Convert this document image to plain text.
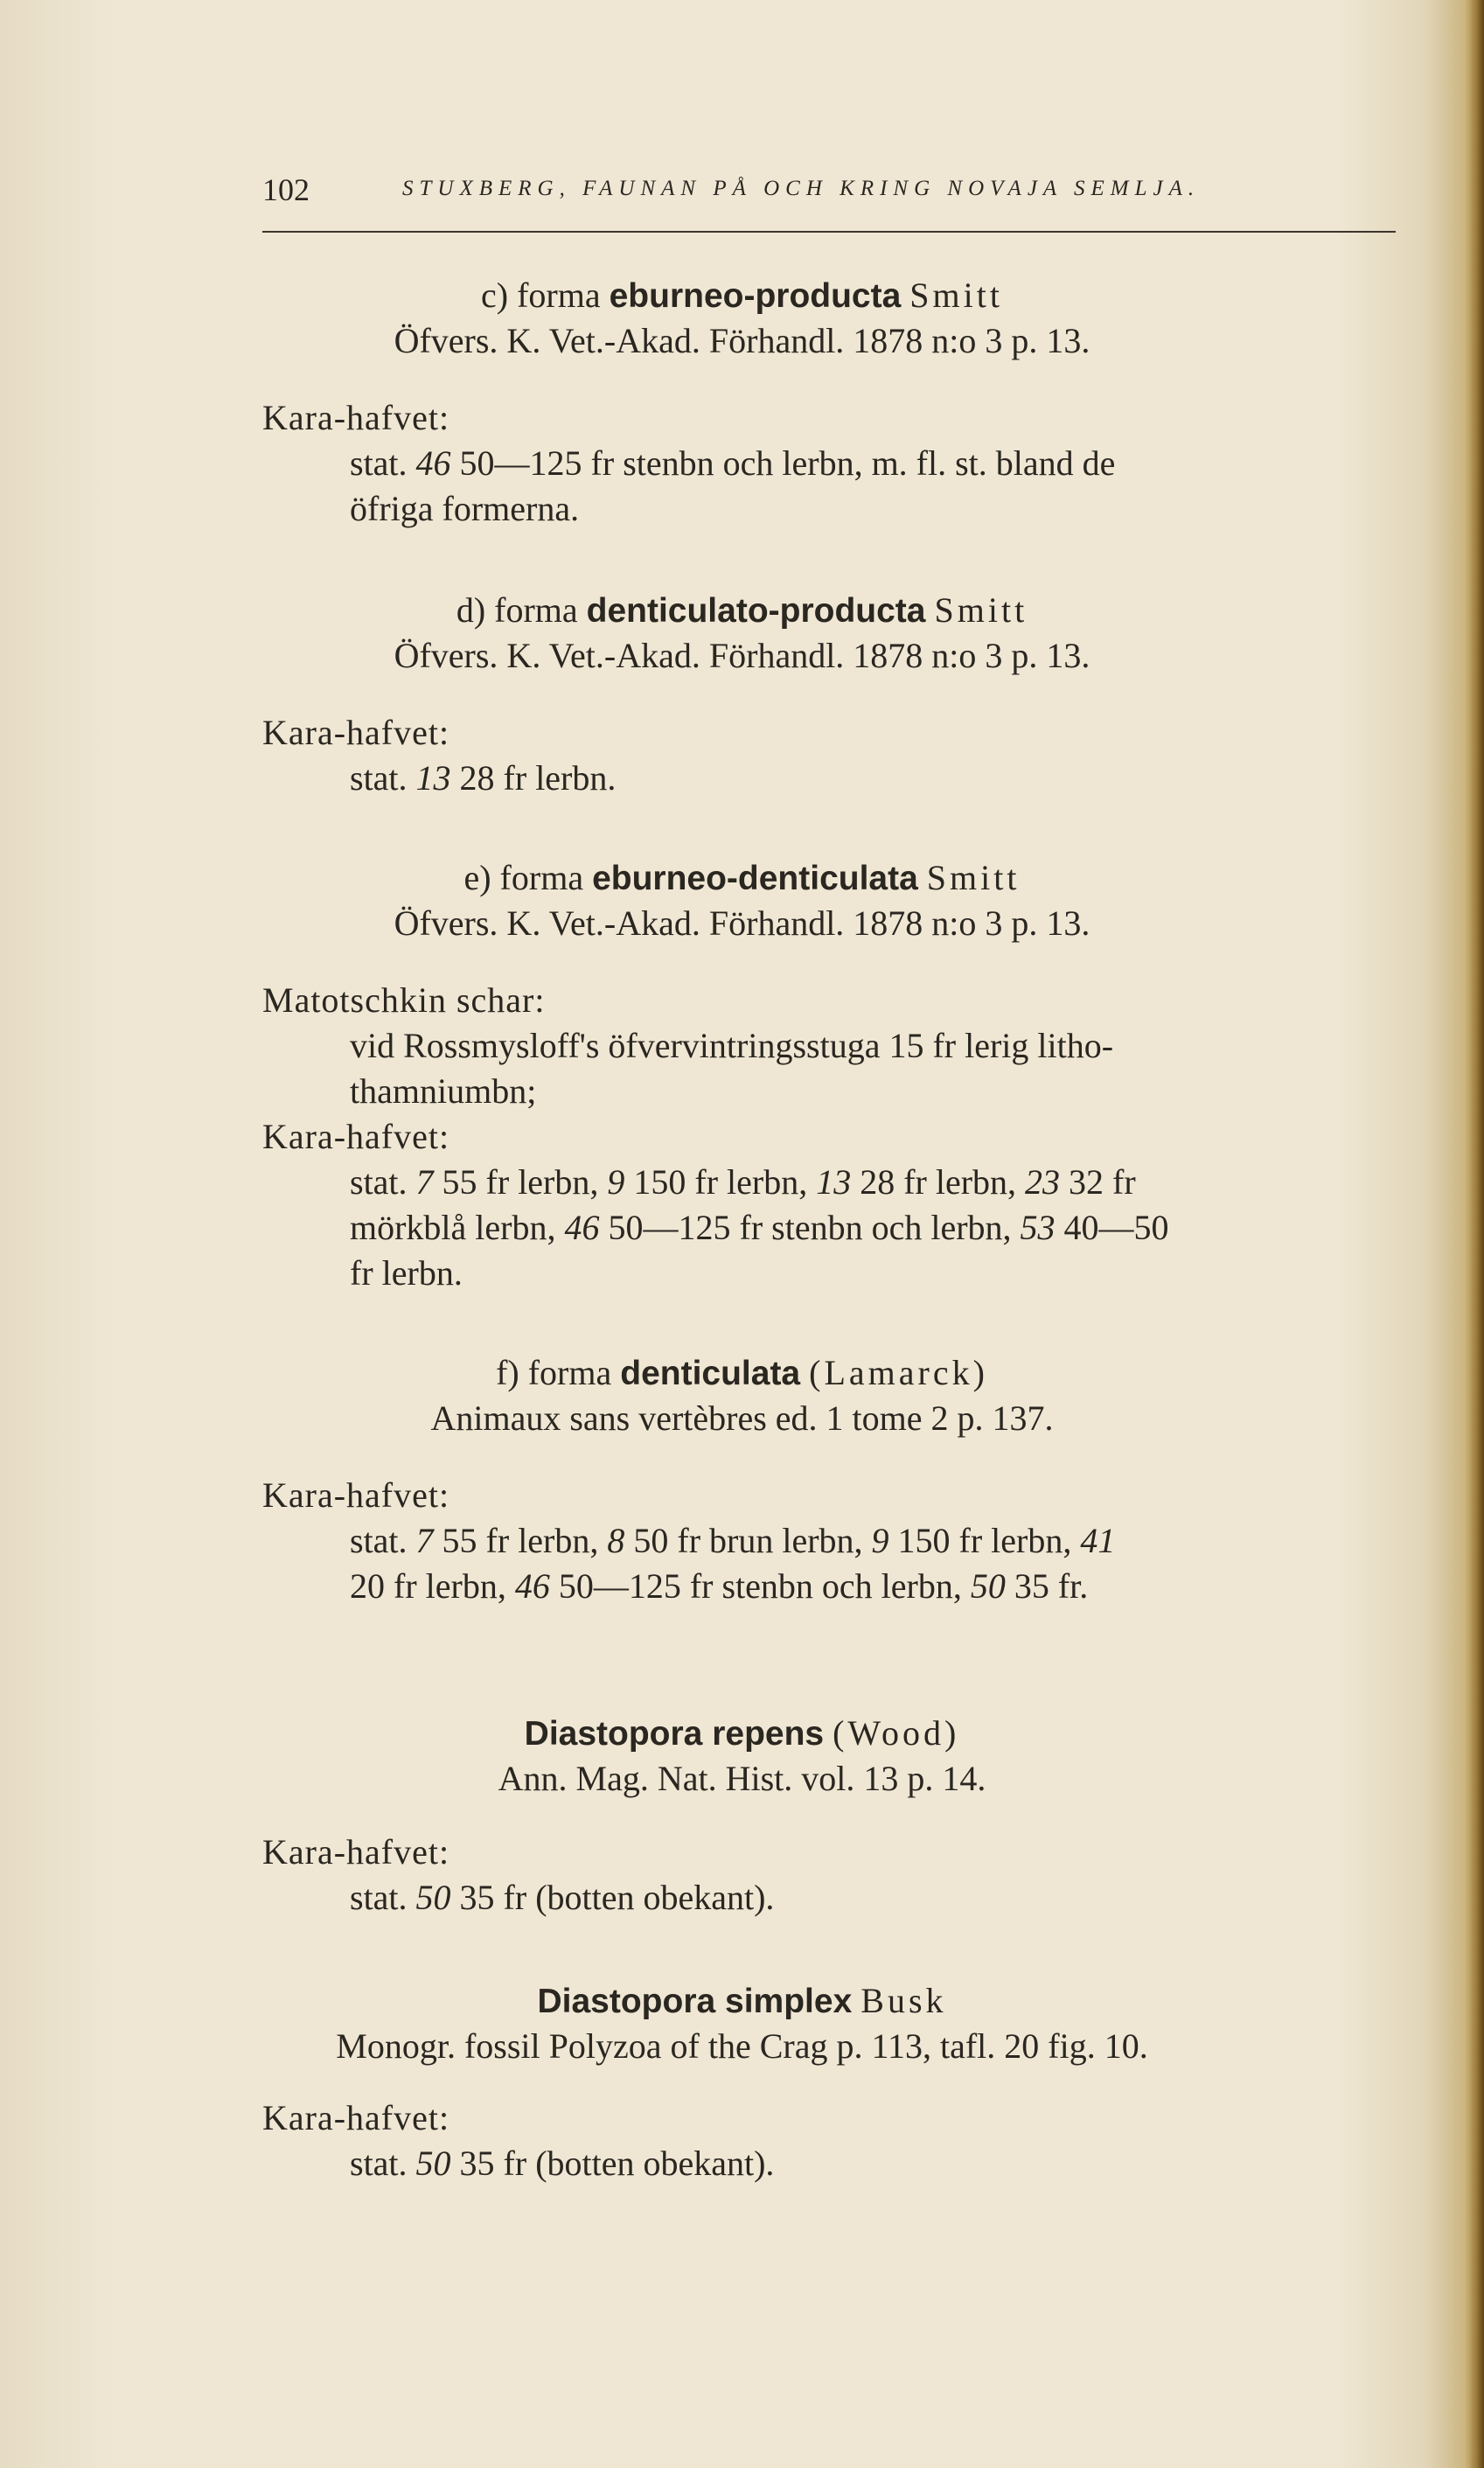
102	STUXBERG, FAUNAN PÅ OCH KRING NOVAJA SEMLJA.
c) forma eburneo-producta Smitt
Öfvers. K. Vet.-Akad. Förhandl. 1878 n:o 3 p. 13.
Kara-hafvet:
stat. 46 50—125 fr stenbn och lerbn, m. fl. st. bland de
öfriga formerna.
d) forma denticulato-producta Smitt
Öfvers. K. Vet.-Akad. Förhandl. 1878 n:o 3 p. 13.
Kara-hafvet:
stat. 13 28 fr lerbn.
e) forma eburneo-denticulata Smitt
Öfvers. K. Vet.-Akad. Förhandl. 1878 n:o 3 p. 13.
Matotschkin schar:
vid Rossmysloff's öfvervintringsstuga 15 fr lerig litho-
thamniumbn;
Kara-hafvet:
stat. 7 55 fr lerbn, 9 150 fr lerbn, 13 28 fr lerbn, 23 32 fr
mörkblå lerbn, 46 50—125 fr stenbn och lerbn, 53 40—50
fr lerbn.
f) forma denticulata (Lamarck)
Animaux sans vertèbres ed. 1 tome 2 p. 137.
Kara-hafvet:
stat. 7 55 fr lerbn, 8 50 fr brun lerbn, 9 150 fr lerbn, 41
20 fr lerbn, 46 50—125 fr stenbn och lerbn, 50 35 fr.
Diastopora repens (Wood)
Ann. Mag. Nat. Hist. vol. 13 p. 14.
Kara-hafvet:
stat. 50 35 fr (botten obekant).
Diastopora simplex Busk
Monogr. fossil Polyzoa of the Crag p. 113, tafl. 20 fig. 10.
Kara-hafvet:
stat. 50 35 fr (botten obekant).
